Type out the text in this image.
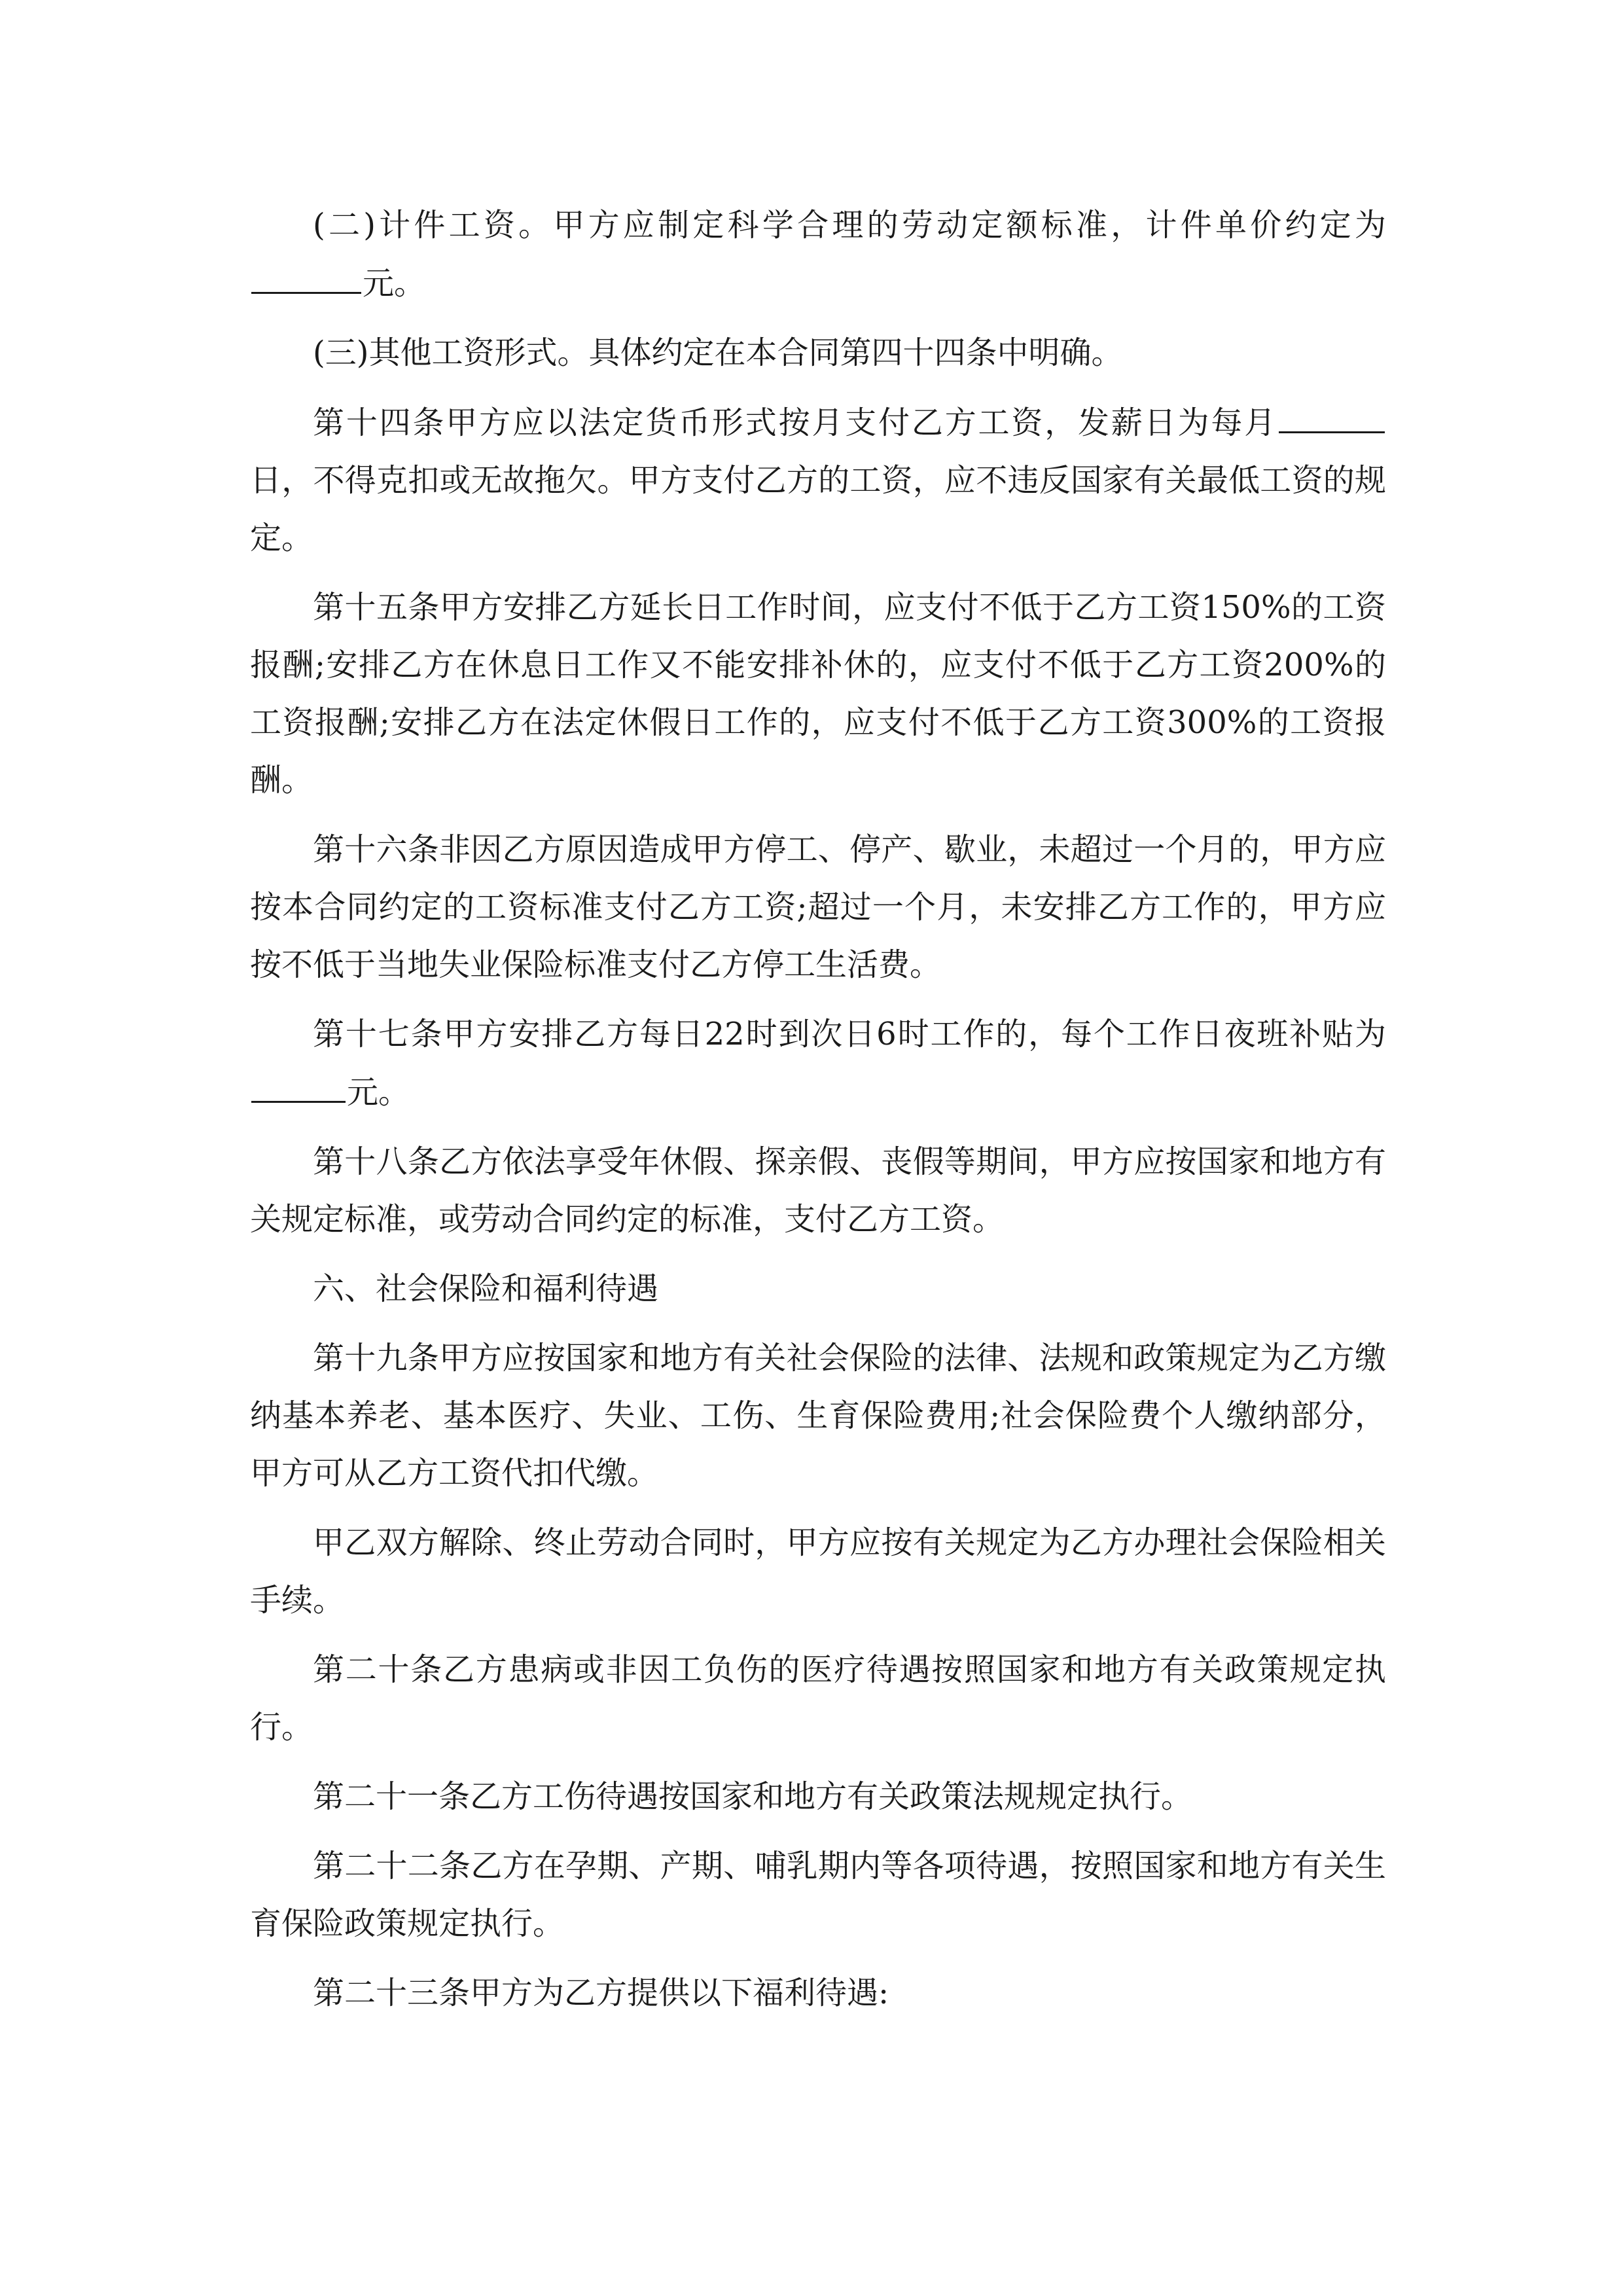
(二)计件工资。甲方应制定科学合理的劳动定额标准，计件单价约定为元。

(三)其他工资形式。具体约定在本合同第四十四条中明确。

第十四条甲方应以法定货币形式按月支付乙方工资，发薪日为每月日，不得克扣或无故拖欠。甲方支付乙方的工资，应不违反国家有关最低工资的规定。

第十五条甲方安排乙方延长日工作时间，应支付不低于乙方工资150%的工资报酬;安排乙方在休息日工作又不能安排补休的，应支付不低于乙方工资200%的工资报酬;安排乙方在法定休假日工作的，应支付不低于乙方工资300%的工资报酬。

第十六条非因乙方原因造成甲方停工、停产、歇业，未超过一个月的，甲方应按本合同约定的工资标准支付乙方工资;超过一个月，未安排乙方工作的，甲方应按不低于当地失业保险标准支付乙方停工生活费。

第十七条甲方安排乙方每日22时到次日6时工作的，每个工作日夜班补贴为元。

第十八条乙方依法享受年休假、探亲假、丧假等期间，甲方应按国家和地方有关规定标准，或劳动合同约定的标准，支付乙方工资。

六、社会保险和福利待遇

第十九条甲方应按国家和地方有关社会保险的法律、法规和政策规定为乙方缴纳基本养老、基本医疗、失业、工伤、生育保险费用;社会保险费个人缴纳部分，甲方可从乙方工资代扣代缴。

甲乙双方解除、终止劳动合同时，甲方应按有关规定为乙方办理社会保险相关手续。

第二十条乙方患病或非因工负伤的医疗待遇按照国家和地方有关政策规定执行。

第二十一条乙方工伤待遇按国家和地方有关政策法规规定执行。

第二十二条乙方在孕期、产期、哺乳期内等各项待遇，按照国家和地方有关生育保险政策规定执行。

第二十三条甲方为乙方提供以下福利待遇:
